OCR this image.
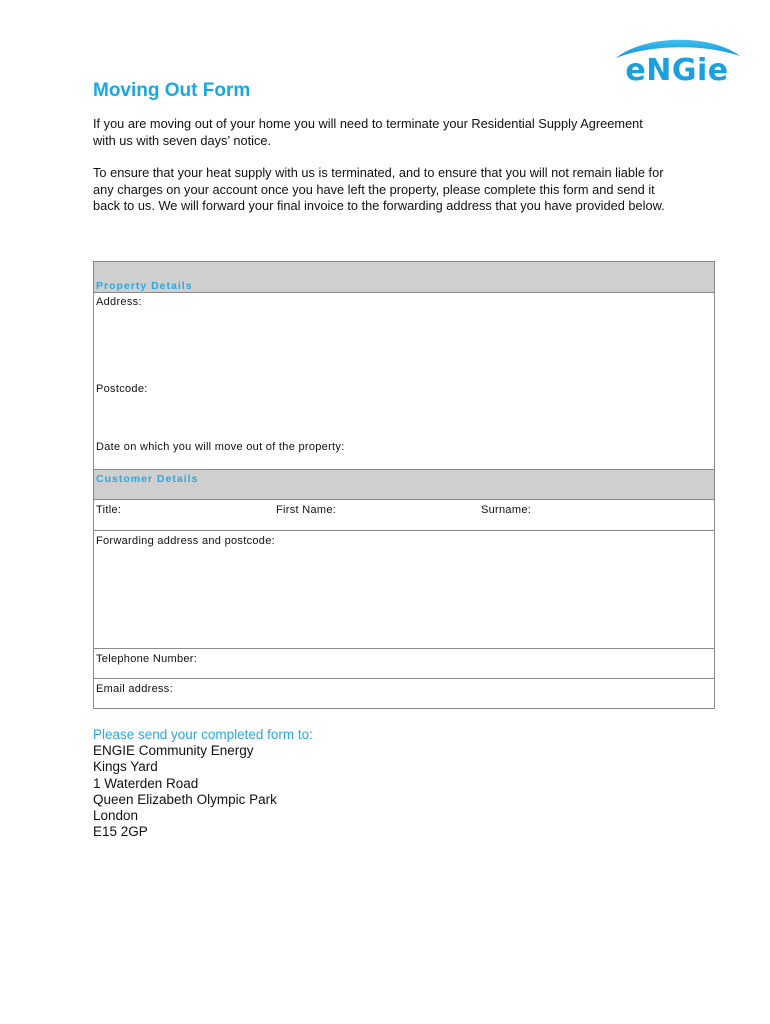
eNGie
Moving Out Form

If you are moving out of your home you will need to terminate your Residential Supply Agreement with us with seven days’ notice.

To ensure that your heat supply with us is terminated, and to ensure that you will not remain liable for any charges on your account once you have left the property, please complete this form and send it back to us. We will forward your final invoice to the forwarding address that you have provided below.

Property Details
Address:
Postcode:
Date on which you will move out of the property:
Customer Details
Title:	First Name:	Surname:
Forwarding address and postcode:
Telephone Number:
Email address:

Please send your completed form to:

ENGIE Community Energy
Kings Yard
1 Waterden Road
Queen Elizabeth Olympic Park
London
E15 2GP
